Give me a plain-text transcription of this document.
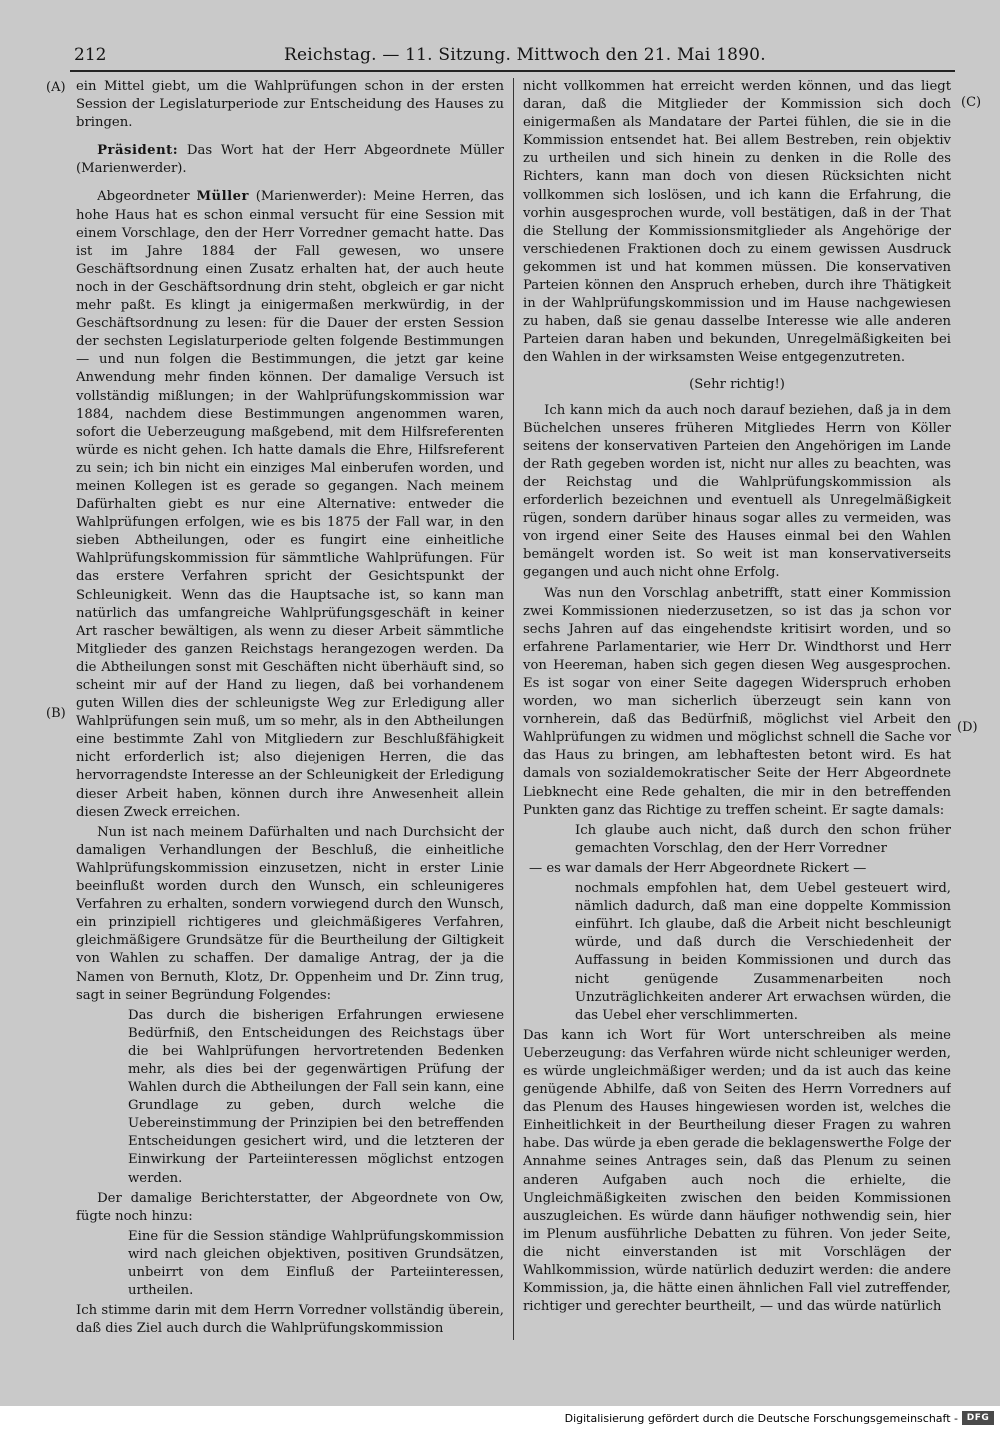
212	Reichstag. — 11. Sitzung. Mittwoch den 21. Mai 1890.
(A)
(B)
(C)
(D)

ein Mittel giebt, um die Wahlprüfungen schon in der ersten Session der Legislaturperiode zur Entscheidung des Hauses zu bringen.

Präsident: Das Wort hat der Herr Abgeordnete Müller (Marienwerder).

Abgeordneter Müller (Marienwerder): Meine Herren, das hohe Haus hat es schon einmal versucht für eine Session mit einem Vorschlage, den der Herr Vorredner gemacht hatte. Das ist im Jahre 1884 der Fall gewesen, wo unsere Geschäftsordnung einen Zusatz erhalten hat, der auch heute noch in der Geschäftsordnung drin steht, obgleich er gar nicht mehr paßt. Es klingt ja einigermaßen merkwürdig, in der Geschäftsordnung zu lesen: für die Dauer der ersten Session der sechsten Legislaturperiode gelten folgende Bestimmungen — und nun folgen die Bestimmungen, die jetzt gar keine Anwendung mehr finden können. Der damalige Versuch ist vollständig mißlungen; in der Wahlprüfungskommission war 1884, nachdem diese Bestimmungen angenommen waren, sofort die Ueberzeugung maßgebend, mit dem Hilfsreferenten würde es nicht gehen. Ich hatte damals die Ehre, Hilfsreferent zu sein; ich bin nicht ein einziges Mal einberufen worden, und meinen Kollegen ist es gerade so gegangen. Nach meinem Dafürhalten giebt es nur eine Alternative: entweder die Wahlprüfungen erfolgen, wie es bis 1875 der Fall war, in den sieben Abtheilungen, oder es fungirt eine einheitliche Wahlprüfungskommission für sämmtliche Wahlprüfungen. Für das erstere Verfahren spricht der Gesichtspunkt der Schleunigkeit. Wenn das die Hauptsache ist, so kann man natürlich das umfangreiche Wahlprüfungsgeschäft in keiner Art rascher bewältigen, als wenn zu dieser Arbeit sämmtliche Mitglieder des ganzen Reichstags herangezogen werden. Da die Abtheilungen sonst mit Geschäften nicht überhäuft sind, so scheint mir auf der Hand zu liegen, daß bei vorhandenem guten Willen dies der schleunigste Weg zur Erledigung aller Wahlprüfungen sein muß, um so mehr, als in den Abtheilungen eine bestimmte Zahl von Mitgliedern zur Beschlußfähigkeit nicht erforderlich ist; also diejenigen Herren, die das hervorragendste Interesse an der Schleunigkeit der Erledigung dieser Arbeit haben, können durch ihre Anwesenheit allein diesen Zweck erreichen.

Nun ist nach meinem Dafürhalten und nach Durchsicht der damaligen Verhandlungen der Beschluß, die einheitliche Wahlprüfungskommission einzusetzen, nicht in erster Linie beeinflußt worden durch den Wunsch, ein schleunigeres Verfahren zu erhalten, sondern vorwiegend durch den Wunsch, ein prinzipiell richtigeres und gleichmäßigeres Verfahren, gleichmäßigere Grundsätze für die Beurtheilung der Giltigkeit von Wahlen zu schaffen. Der damalige Antrag, der ja die Namen von Bernuth, Klotz, Dr. Oppenheim und Dr. Zinn trug, sagt in seiner Begründung Folgendes:

Das durch die bisherigen Erfahrungen erwiesene Bedürfniß, den Entscheidungen des Reichstags über die bei Wahlprüfungen hervortretenden Bedenken mehr, als dies bei der gegenwärtigen Prüfung der Wahlen durch die Abtheilungen der Fall sein kann, eine Grundlage zu geben, durch welche die Uebereinstimmung der Prinzipien bei den betreffenden Entscheidungen gesichert wird, und die letzteren der Einwirkung der Parteiinteressen möglichst entzogen werden.

Der damalige Berichterstatter, der Abgeordnete von Ow, fügte noch hinzu:

Eine für die Session ständige Wahlprüfungskommission wird nach gleichen objektiven, positiven Grundsätzen, unbeirrt von dem Einfluß der Parteiinteressen, urtheilen.

Ich stimme darin mit dem Herrn Vorredner vollständig überein, daß dies Ziel auch durch die Wahlprüfungskommission

nicht vollkommen hat erreicht werden können, und das liegt daran, daß die Mitglieder der Kommission sich doch einigermaßen als Mandatare der Partei fühlen, die sie in die Kommission entsendet hat. Bei allem Bestreben, rein objektiv zu urtheilen und sich hinein zu denken in die Rolle des Richters, kann man doch von diesen Rücksichten nicht vollkommen sich loslösen, und ich kann die Erfahrung, die vorhin ausgesprochen wurde, voll bestätigen, daß in der That die Stellung der Kommissionsmitglieder als Angehörige der verschiedenen Fraktionen doch zu einem gewissen Ausdruck gekommen ist und hat kommen müssen. Die konservativen Parteien können den Anspruch erheben, durch ihre Thätigkeit in der Wahlprüfungskommission und im Hause nachgewiesen zu haben, daß sie genau dasselbe Interesse wie alle anderen Parteien daran haben und bekunden, Unregelmäßigkeiten bei den Wahlen in der wirksamsten Weise entgegenzutreten.

(Sehr richtig!)

Ich kann mich da auch noch darauf beziehen, daß ja in dem Büchelchen unseres früheren Mitgliedes Herrn von Köller seitens der konservativen Parteien den Angehörigen im Lande der Rath gegeben worden ist, nicht nur alles zu beachten, was der Reichstag und die Wahlprüfungskommission als erforderlich bezeichnen und eventuell als Unregelmäßigkeit rügen, sondern darüber hinaus sogar alles zu vermeiden, was von irgend einer Seite des Hauses einmal bei den Wahlen bemängelt worden ist. So weit ist man konservativerseits gegangen und auch nicht ohne Erfolg.

Was nun den Vorschlag anbetrifft, statt einer Kommission zwei Kommissionen niederzusetzen, so ist das ja schon vor sechs Jahren auf das eingehendste kritisirt worden, und so erfahrene Parlamentarier, wie Herr Dr. Windthorst und Herr von Heereman, haben sich gegen diesen Weg ausgesprochen. Es ist sogar von einer Seite dagegen Widerspruch erhoben worden, wo man sicherlich überzeugt sein kann von vornherein, daß das Bedürfniß, möglichst viel Arbeit den Wahlprüfungen zu widmen und möglichst schnell die Sache vor das Haus zu bringen, am lebhaftesten betont wird. Es hat damals von sozialdemokratischer Seite der Herr Abgeordnete Liebknecht eine Rede gehalten, die mir in den betreffenden Punkten ganz das Richtige zu treffen scheint. Er sagte damals:

Ich glaube auch nicht, daß durch den schon früher gemachten Vorschlag, den der Herr Vorredner

— es war damals der Herr Abgeordnete Rickert —

nochmals empfohlen hat, dem Uebel gesteuert wird, nämlich dadurch, daß man eine doppelte Kommission einführt. Ich glaube, daß die Arbeit nicht beschleunigt würde, und daß durch die Verschiedenheit der Auffassung in beiden Kommissionen und durch das nicht genügende Zusammenarbeiten noch Unzuträglichkeiten anderer Art erwachsen würden, die das Uebel eher verschlimmerten.

Das kann ich Wort für Wort unterschreiben als meine Ueberzeugung: das Verfahren würde nicht schleuniger werden, es würde ungleichmäßiger werden; und da ist auch das keine genügende Abhilfe, daß von Seiten des Herrn Vorredners auf das Plenum des Hauses hingewiesen worden ist, welches die Einheitlichkeit in der Beurtheilung dieser Fragen zu wahren habe. Das würde ja eben gerade die beklagenswerthe Folge der Annahme seines Antrages sein, daß das Plenum zu seinen anderen Aufgaben auch noch die erhielte, die Ungleichmäßigkeiten zwischen den beiden Kommissionen auszugleichen. Es würde dann häufiger nothwendig sein, hier im Plenum ausführliche Debatten zu führen. Von jeder Seite, die nicht einverstanden ist mit Vorschlägen der Wahlkommission, würde natürlich deduzirt werden: die andere Kommission, ja, die hätte einen ähnlichen Fall viel zutreffender, richtiger und gerechter beurtheilt, — und das würde natürlich

Digitalisierung gefördert durch die Deutsche Forschungsgemeinschaft - DFG
